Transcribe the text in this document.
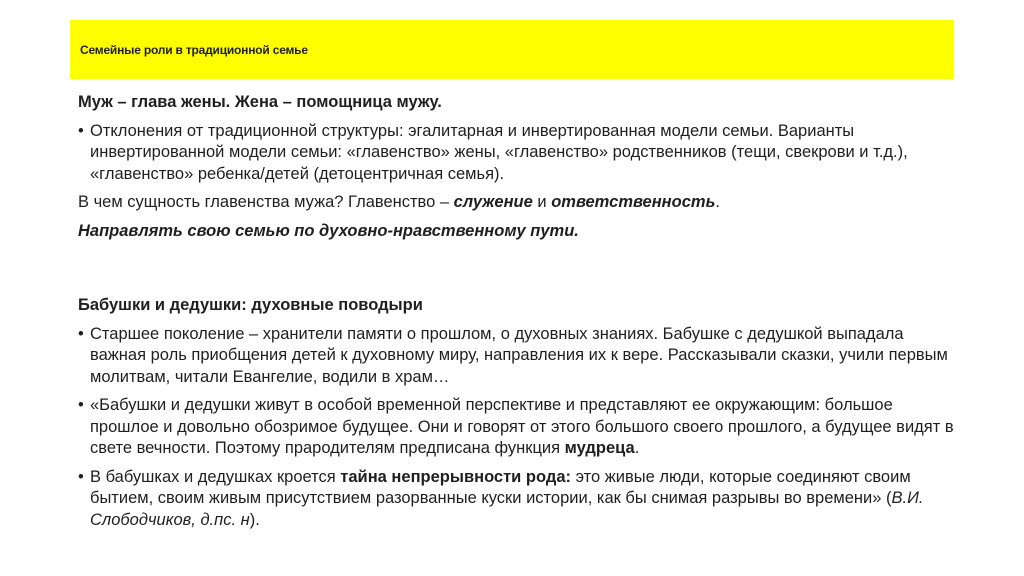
Семейные роли в традиционной семье

Муж – глава жены. Жена – помощница мужу.

• Отклонения от традиционной структуры: эгалитарная и инвертированная модели семьи. Варианты инвертированной модели семьи: «главенство» жены, «главенство» родственников (тещи, свекрови и т.д.), «главенство» ребенка/детей (детоцентричная семья).

В чем сущность главенства мужа? Главенство – служение и ответственность.

Направлять свою семью по духовно-нравственному пути.

Бабушки и дедушки: духовные поводыри

• Старшее поколение – хранители памяти о прошлом, о духовных знаниях. Бабушке с дедушкой выпадала важная роль приобщения детей к духовному миру, направления их к вере. Рассказывали сказки, учили первым молитвам, читали Евангелие, водили в храм…

• «Бабушки и дедушки живут в особой временной перспективе и представляют ее окружающим: большое прошлое и довольно обозримое будущее. Они и говорят от этого большого своего прошлого, а будущее видят в свете вечности. Поэтому прародителям предписана функция мудреца.

• В бабушках и дедушках кроется тайна непрерывности рода: это живые люди, которые соединяют своим бытием, своим живым присутствием разорванные куски истории, как бы снимая разрывы во времени» (В.И. Слободчиков, д.пс. н).
